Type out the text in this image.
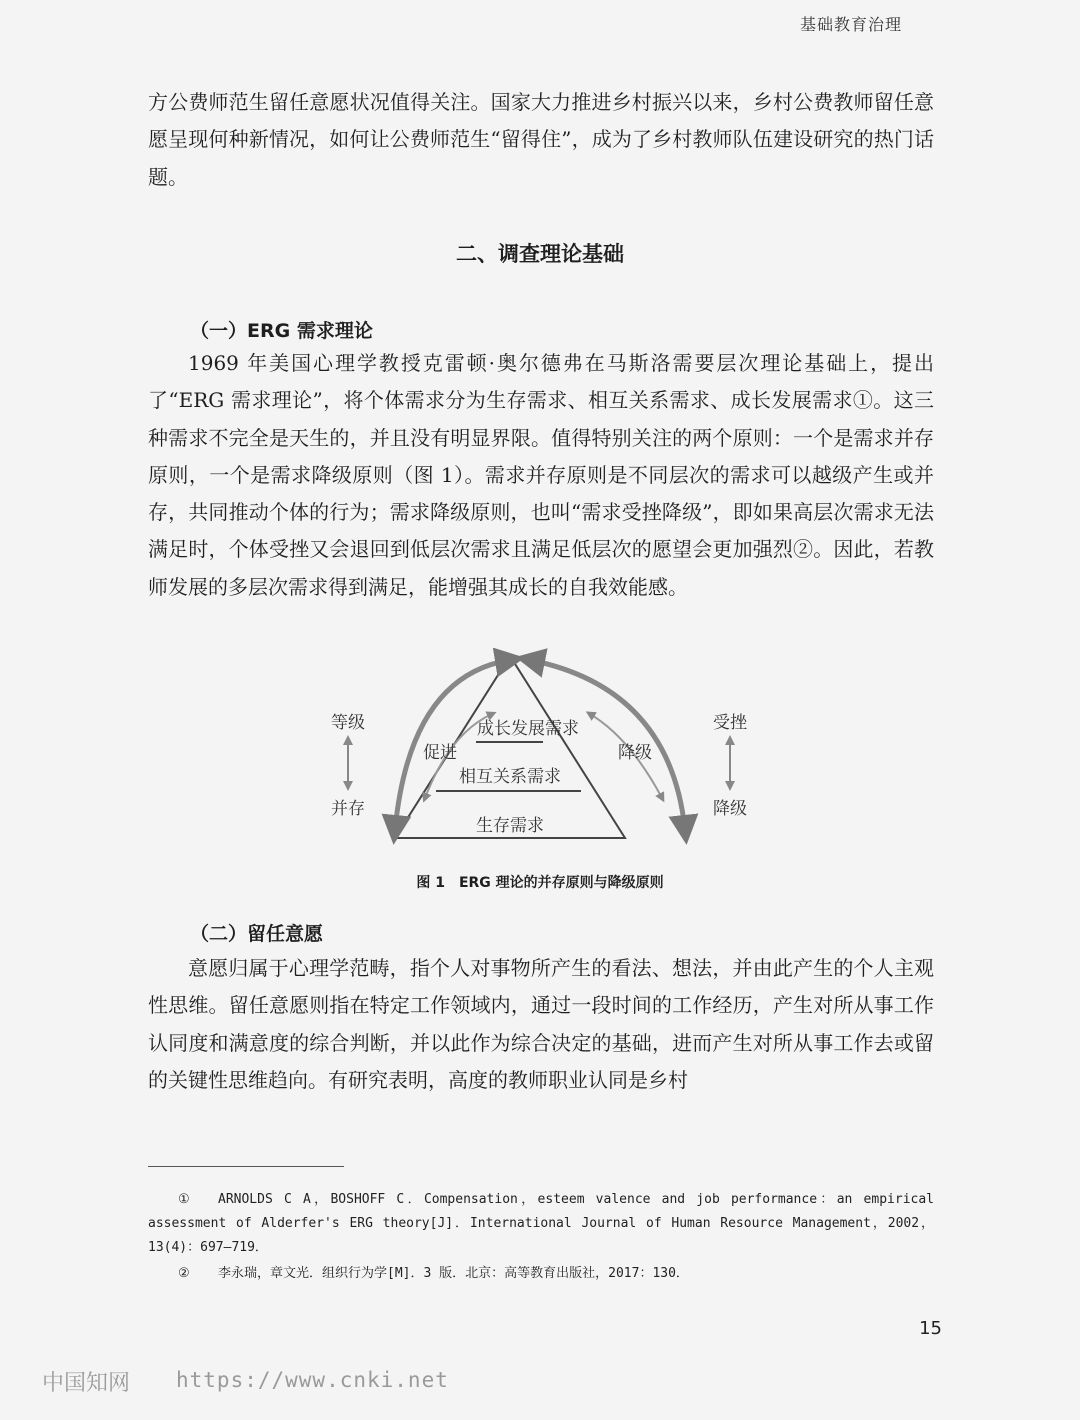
基础教育治理

方公费师范生留任意愿状况值得关注。国家大力推进乡村振兴以来，乡村公费教师留任意愿呈现何种新情况，如何让公费师范生“留得住”，成为了乡村教师队伍建设研究的热门话题。

二、调查理论基础
（一）ERG 需求理论

1969 年美国心理学教授克雷顿·奥尔德弗在马斯洛需要层次理论基础上，提出了“ERG 需求理论”，将个体需求分为生存需求、相互关系需求、成长发展需求①。这三种需求不完全是天生的，并且没有明显界限。值得特别关注的两个原则：一个是需求并存原则，一个是需求降级原则（图 1）。需求并存原则是不同层次的需求可以越级产生或并存，共同推动个体的行为；需求降级原则，也叫“需求受挫降级”，即如果高层次需求无法满足时，个体受挫又会退回到低层次需求且满足低层次的愿望会更加强烈②。因此，若教师发展的多层次需求得到满足，能增强其成长的自我效能感。

成长发展需求
相互关系需求
生存需求
促进	降级
等级
并存
受挫
降级
图 1　ERG 理论的并存原则与降级原则
（二）留任意愿

意愿归属于心理学范畴，指个人对事物所产生的看法、想法，并由此产生的个人主观性思维。留任意愿则指在特定工作领域内，通过一段时间的工作经历，产生对所从事工作认同度和满意度的综合判断，并以此作为综合决定的基础，进而产生对所从事工作去或留的关键性思维趋向。有研究表明，高度的教师职业认同是乡村

① ARNOLDS C A，BOSHOFF C．Compensation，esteem valence and job performance：an empirical assessment of Alderfer's ERG theory[J]．International Journal of Human Resource Management，2002，13(4)：697—719．

② 李永瑞，章文光．组织行为学[M]．3 版．北京：高等教育出版社，2017：130．

15
中国知网 https://www.cnki.net
